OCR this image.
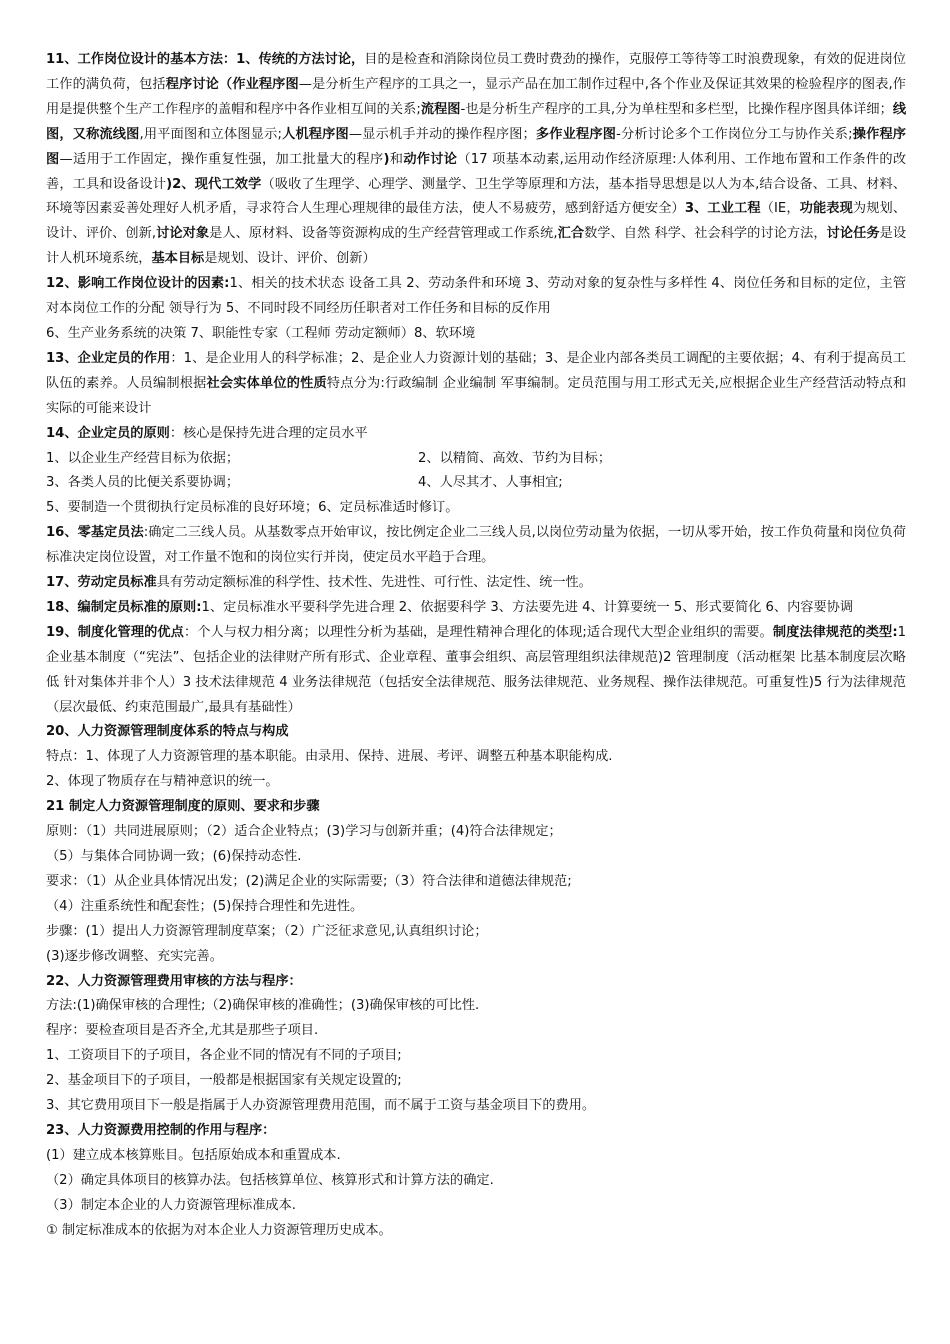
11、工作岗位设计的基本方法：1、传统的方法讨论，目的是检查和消除岗位员工费时费劲的操作，克服停工等待等工时浪费现象，有效的促进岗位工作的满负荷，包括程序讨论（作业程序图—是分析生产程序的工具之一，显示产品在加工制作过程中,各个作业及保证其效果的检验程序的图表,作用是提供整个生产工作程序的盖帽和程序中各作业相互间的关系;流程图-也是分析生产程序的工具,分为单柱型和多栏型，比操作程序图具体详细；线图，又称流线图,用平面图和立体图显示;人机程序图—显示机手并动的操作程序图；多作业程序图-分析讨论多个工作岗位分工与协作关系;操作程序图—适用于工作固定，操作重复性强，加工批量大的程序)和动作讨论（17 项基本动素,运用动作经济原理:人体利用、工作地布置和工作条件的改善，工具和设备设计)2、现代工效学（吸收了生理学、心理学、测量学、卫生学等原理和方法，基本指导思想是以人为本,结合设备、工具、材料、环境等因素妥善处理好人机矛盾，寻求符合人生理心理规律的最佳方法，使人不易疲劳，感到舒适方便安全）3、工业工程（IE，功能表现为规划、设计、评价、创新,讨论对象是人、原材料、设备等资源构成的生产经营管理或工作系统,汇合数学、自然 科学、社会科学的讨论方法，讨论任务是设计人机环境系统，基本目标是规划、设计、评价、创新）

12、影响工作岗位设计的因素:1、相关的技术状态 设备工具 2、劳动条件和环境 3、劳动对象的复杂性与多样性 4、岗位任务和目标的定位，主管对本岗位工作的分配 领导行为 5、不同时段不同经历任职者对工作任务和目标的反作用

6、生产业务系统的决策 7、职能性专家（工程师 劳动定额师）8、软环境

13、企业定员的作用：1、是企业用人的科学标准；2、是企业人力资源计划的基础；3、是企业内部各类员工调配的主要依据；4、有利于提高员工队伍的素养。人员编制根据社会实体单位的性质特点分为:行政编制 企业编制 军事编制。定员范围与用工形式无关,应根据企业生产经营活动特点和实际的可能来设计

14、企业定员的原则：核心是保持先进合理的定员水平

1、以企业生产经营目标为依据；	2、以精简、高效、节约为目标；
3、各类人员的比便关系要协调；	4、人尽其才、人事相宜;

5、要制造一个贯彻执行定员标准的良好环境；6、定员标准适时修订。

16、零基定员法:确定二三线人员。从基数零点开始审议，按比例定企业二三线人员,以岗位劳动量为依据，一切从零开始，按工作负荷量和岗位负荷标准决定岗位设置，对工作量不饱和的岗位实行并岗，使定员水平趋于合理。

17、劳动定员标准具有劳动定额标准的科学性、技术性、先进性、可行性、法定性、统一性。

18、编制定员标准的原则:1、定员标准水平要科学先进合理 2、依据要科学 3、方法要先进 4、计算要统一 5、形式要简化 6、内容要协调

19、制度化管理的优点：个人与权力相分离；以理性分析为基础，是理性精神合理化的体现;适合现代大型企业组织的需要。制度法律规范的类型:1 企业基本制度（“宪法”、包括企业的法律财产所有形式、企业章程、董事会组织、高层管理组织法律规范)2 管理制度（活动框架 比基本制度层次略低 针对集体并非个人）3 技术法律规范 4 业务法律规范（包括安全法律规范、服务法律规范、业务规程、操作法律规范。可重复性)5 行为法律规范（层次最低、约束范围最广,最具有基础性）

20、人力资源管理制度体系的特点与构成

特点：1、体现了人力资源管理的基本职能。由录用、保持、进展、考评、调整五种基本职能构成.

2、体现了物质存在与精神意识的统一。

21 制定人力资源管理制度的原则、要求和步骤

原则：（1）共同进展原则；（2）适合企业特点；(3)学习与创新并重；(4)符合法律规定；

（5）与集体合同协调一致；(6)保持动态性.

要求：（1）从企业具体情况出发；(2)满足企业的实际需要;（3）符合法律和道德法律规范;

（4）注重系统性和配套性；(5)保持合理性和先进性。

步骤：(1）提出人力资源管理制度草案；（2）广泛征求意见,认真组织讨论；

(3)逐步修改调整、充实完善。

22、人力资源管理费用审核的方法与程序：

方法:(1)确保审核的合理性;（2)确保审核的准确性；(3)确保审核的可比性.

程序：要检查项目是否齐全,尤其是那些子项目.

1、工资项目下的子项目，各企业不同的情况有不同的子项目;

2、基金项目下的子项目，一般都是根据国家有关规定设置的;

3、其它费用项目下一般是指属于人办资源管理费用范围，而不属于工资与基金项目下的费用。

23、人力资源费用控制的作用与程序：

(1）建立成本核算账目。包括原始成本和重置成本.

（2）确定具体项目的核算办法。包括核算单位、核算形式和计算方法的确定.

（3）制定本企业的人力资源管理标准成本.

① 制定标准成本的依据为对本企业人力资源管理历史成本。
